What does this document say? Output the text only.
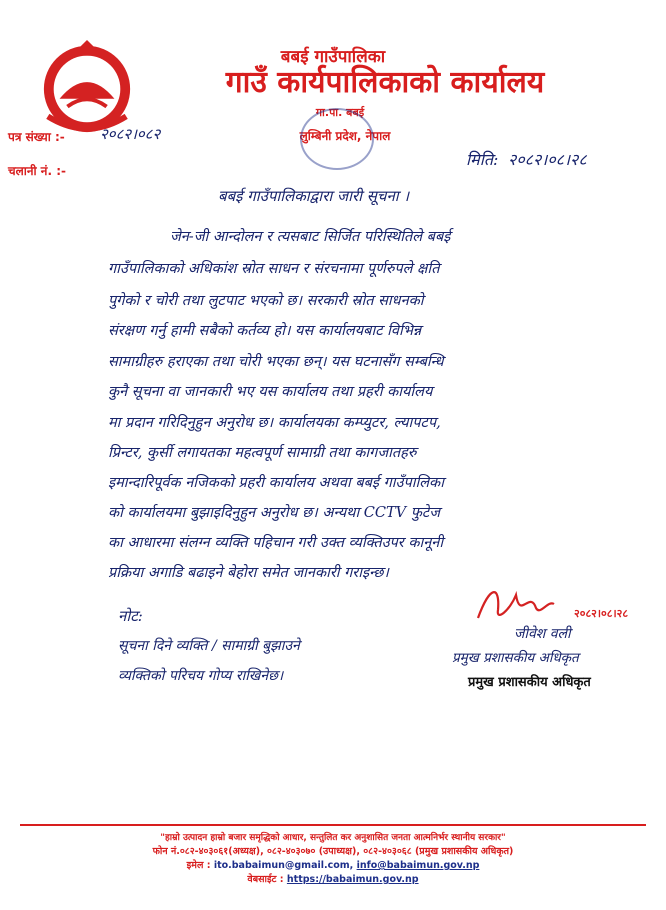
बबई गाउँपालिका
गाउँ कार्यपालिकाको कार्यालय
गा.पा. बबई
लुम्बिनी प्रदेश, नेपाल
पत्र संख्या :- २०८२।०८२
चलानी नं. :-
मिति: २०८२।०८।२८
बबई गाउँपालिकाद्वारा जारी सूचना ।
जेन-जी आन्दोलन र त्यसबाट सिर्जित परिस्थितिले बबई
गाउँपालिकाको अधिकांश स्रोत साधन र संरचनामा पूर्णरुपले क्षति
पुगेको र चोरी तथा लुटपाट भएको छ। सरकारी स्रोत साधनको
संरक्षण गर्नु हामी सबैको कर्तव्य हो। यस कार्यालयबाट विभिन्न
सामाग्रीहरु हराएका तथा चोरी भएका छन्। यस घटनासँग सम्बन्धि
कुनै सूचना वा जानकारी भए यस कार्यालय तथा प्रहरी कार्यालय
मा प्रदान गरिदिनुहुन अनुरोध छ। कार्यालयका कम्प्युटर, ल्यापटप,
प्रिन्टर, कुर्सी लगायतका महत्वपूर्ण सामाग्री तथा कागजातहरु
इमान्दारिपूर्वक नजिकको प्रहरी कार्यालय अथवा बबई गाउँपालिका
को कार्यालयमा बुझाइदिनुहुन अनुरोध छ। अन्यथा CCTV फुटेज
का आधारमा संलग्न व्यक्ति पहिचान गरी उक्त व्यक्तिउपर कानूनी
प्रक्रिया अगाडि बढाइने बेहोरा समेत जानकारी गराइन्छ।
नोट:
सूचना दिने व्यक्ति / सामाग्री बुझाउने
व्यक्तिको परिचय गोप्य राखिनेछ।
२०८२।०८।२८
जीवेश वली
प्रमुख प्रशासकीय अधिकृत
प्रमुख प्रशासकीय अधिकृत
"हाम्रो उत्पादन हाम्रो बजार समृद्धिको आधार, सन्तुलित कर अनुशासित जनता आत्मनिर्भर स्थानीय सरकार"
फोन नं.०८२-४०३०६१(अध्यक्ष), ०८२-४०३०७० (उपाध्यक्ष), ०८२-४०३०६८ (प्रमुख प्रशासकीय अधिकृत)
इमेल : ito.babaimun@gmail.com, info@babaimun.gov.np
वेबसाईट : https://babaimun.gov.np
